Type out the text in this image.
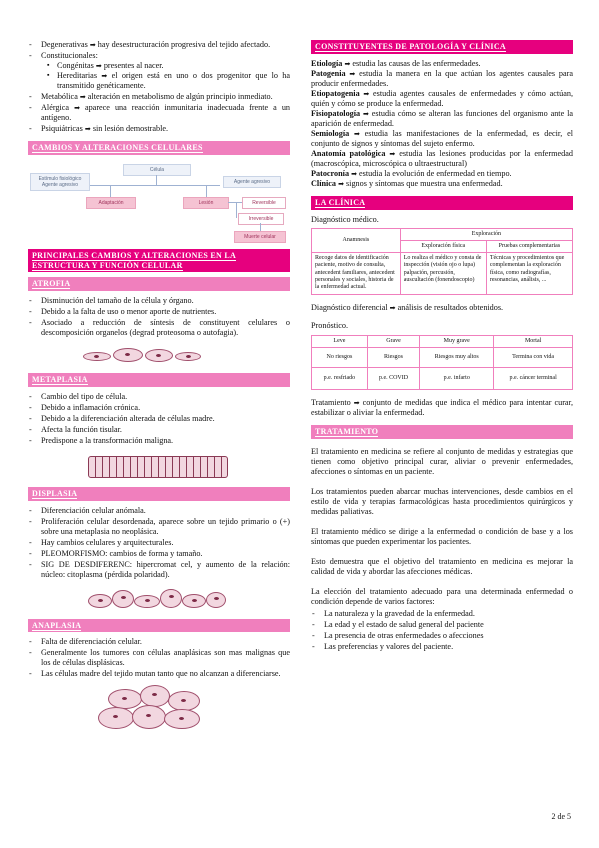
- Degenerativas ➡ hay desestructuración progresiva del tejido afectado.
- Constitucionales:
▪ Congénitas ➡ presentes al nacer.
▪ Hereditarias ➡ el origen está en uno o dos progenitor que lo ha transmitido genéticamente.
- Metabólica ➡ alteración en metabolismo de algún principio inmediato.
- Alérgica ➡ aparece una reacción inmunitaria inadecuada frente a un antígeno.
- Psiquiátricas ➡ sin lesión demostrable.
CAMBIOS Y ALTERACIONES CELULARES
Célula
Estímulo fisiológico
Agente agresivo	Agente agresivo
Adaptación	Lesión	Reversible
Irreversible
Muerte celular
PRINCIPALES CAMBIOS Y ALTERACIONES EN LA ESTRUCTURA Y FUNCIÓN CELULAR
ATROFIA
- Disminución del tamaño de la célula y órgano.
- Debido a la falta de uso o menor aporte de nutrientes.
- Asociado a reducción de síntesis de constituyent celulares o descomposición organelos (degrad proteosoma o autofagia).
METAPLASIA
- Cambio del tipo de célula.
- Debido a inflamación crónica.
- Debido a la diferenciación alterada de células madre.
- Afecta la función tisular.
- Predispone a la transformación maligna.
DISPLASIA
- Diferenciación celular anómala.
- Proliferación celular desordenada, aparece sobre un tejido primario o (+) sobre una metaplasia no neoplásica.
- Hay cambios celulares y arquitecturales.
- PLEOMORFISMO: cambios de forma y tamaño.
- SIG DE DESDIFERENC: hipercromat cel, y aumento de la relación: núcleo: citoplasma (pérdida polaridad).
ANAPLASIA
- Falta de diferenciación celular.
- Generalmente los tumores con células anaplásicas son mas malignas que los de células displásicas.
- Las células madre del tejido mutan tanto que no alcanzan a diferenciarse.
CONSTITUYENTES DE PATOLOGÍA Y CLÍNICA

Etiología ➡ estudia las causas de las enfermedades.

Patogenia ➡ estudia la manera en la que actúan los agentes causales para producir enfermedades.

Etiopatogenia ➡ estudia agentes causales de enfermedades y cómo actúan, quién y cómo se produce la enfermedad.

Fisiopatología ➡ estudia cómo se alteran las funciones del organismo ante la aparición de enfermedad.

Semiología ➡ estudia las manifestaciones de la enfermedad, es decir, el conjunto de signos y síntomas del sujeto enfermo.

Anatomía patológica ➡ estudia las lesiones producidas por la enfermedad (macroscópica, microscópica o ultraestructural)

Patocronía ➡ estudia la evolución de enfermedad en tiempo.

Clínica ➡ signos y síntomas que muestra una enfermedad.

LA CLÍNICA

Diagnóstico médico.

Anamnesis	Exploración	
	Exploración física	Pruebas complementarias
Recoge datos de identificación paciente, motivo de consulta, antecedent familiares, antecedent personales y sociales, historia de la enfermedad actual.	Lo realiza el médico y consta de inspección (visión ojo o lupa) palpación, percusión, auscultación (fonendoscopio)	Técnicas y procedimientos que complementan la exploración física, como radiografías, resonancias, análisis, ...

Diagnóstico diferencial ➡ análisis de resultados obtenidos.

Pronóstico.

Leve	Grave	Muy grave	Mortal
No riesgos	Riesgos	Riesgos muy altos	Termina con vida
p.e. resfriado	p.e. COVID	p.e. infarto	p.e. cáncer terminal

Tratamiento ➡ conjunto de medidas que indica el médico para intentar curar, estabilizar o aliviar la enfermedad.

TRATAMIENTO

El tratamiento en medicina se refiere al conjunto de medidas y estrategias que tienen como objetivo principal curar, aliviar o prevenir enfermedades, afecciones o síntomas en un paciente.

Los tratamientos pueden abarcar muchas intervenciones, desde cambios en el estilo de vida y terapias farmacológicas hasta procedimientos quirúrgicos y medidas paliativas.

El tratamiento médico se dirige a la enfermedad o condición de base y a los síntomas que pueden experimentar los pacientes.

Esto demuestra que el objetivo del tratamiento en medicina es mejorar la calidad de vida y abordar las afecciones médicas.

La elección del tratamiento adecuado para una determinada enfermedad o condición depende de varios factores:

- La naturaleza y la gravedad de la enfermedad.
- La edad y el estado de salud general del paciente
- La presencia de otras enfermedades o afecciones
- Las preferencias y valores del paciente.
2 de 5
